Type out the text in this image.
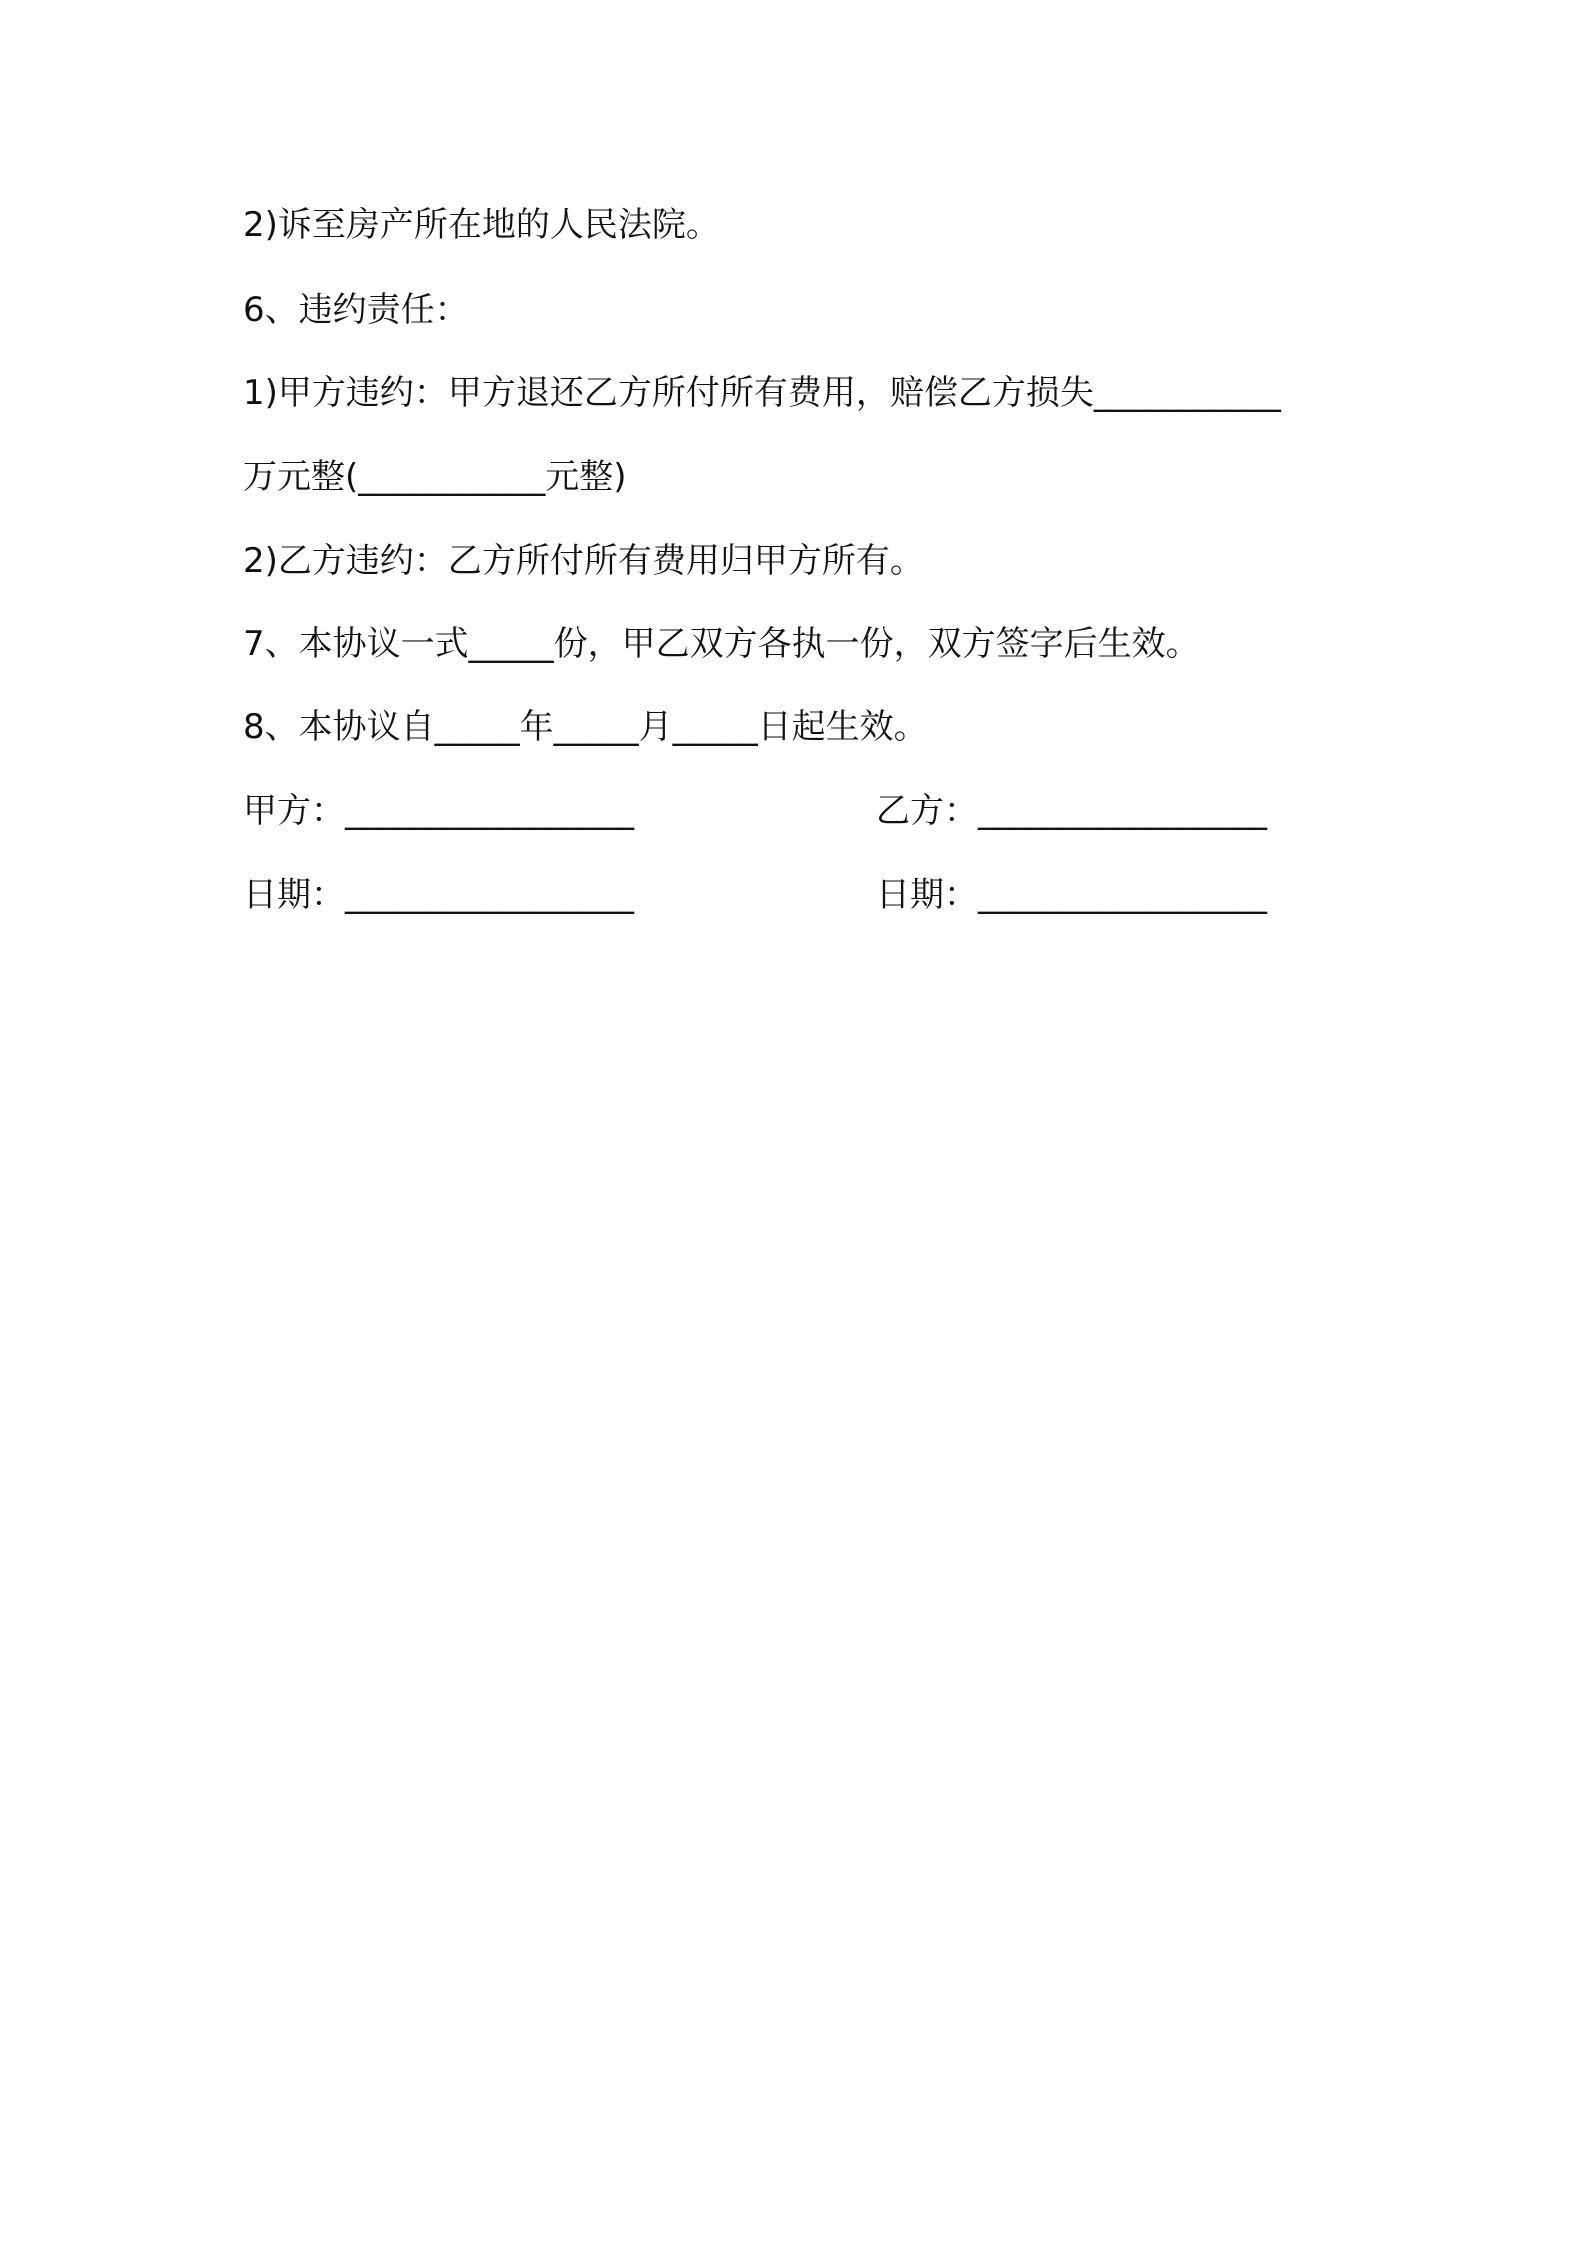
2)诉至房产所在地的人民法院。
6、违约责任：
1)甲方违约：甲方退还乙方所付所有费用，赔偿乙方损失___________
万元整(___________元整)
2)乙方违约：乙方所付所有费用归甲方所有。
7、本协议一式_____份，甲乙双方各执一份，双方签字后生效。
8、本协议自_____年_____月_____日起生效。
甲方：_________________	乙方：_________________
日期：_________________	日期：_________________
